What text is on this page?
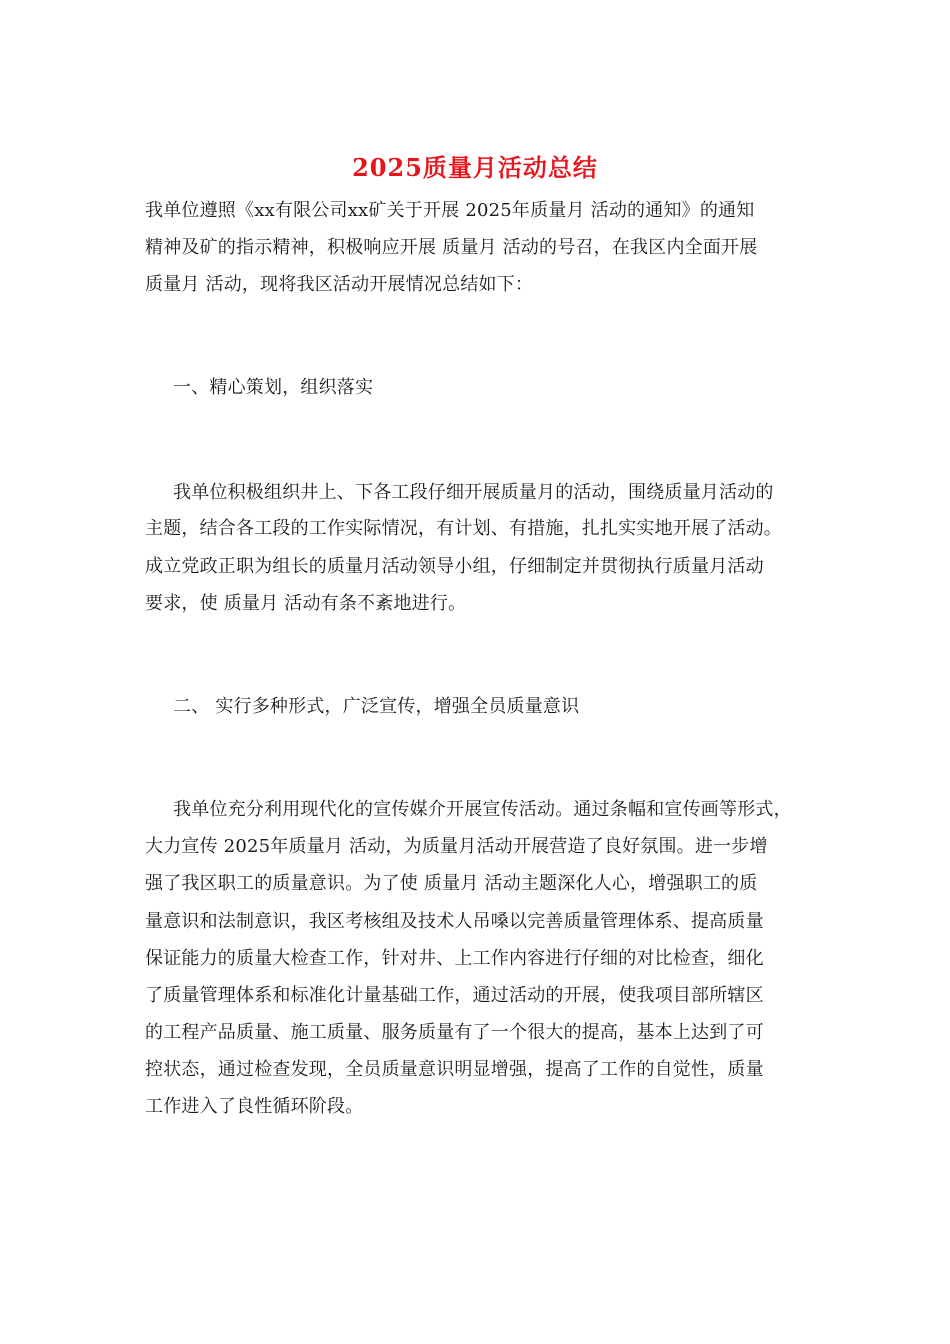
2025质量月活动总结
我单位遵照《xx有限公司xx矿关于开展 2025年质量月 活动的通知》的通知
精神及矿的指示精神，积极响应开展 质量月 活动的号召，在我区内全面开展
质量月 活动，现将我区活动开展情况总结如下：
一、精心策划，组织落实
我单位积极组织井上、下各工段仔细开展质量月的活动，围绕质量月活动的
主题，结合各工段的工作实际情况，有计划、有措施，扎扎实实地开展了活动。
成立党政正职为组长的质量月活动领导小组，仔细制定并贯彻执行质量月活动
要求，使 质量月 活动有条不紊地进行。
二、 实行多种形式，广泛宣传，增强全员质量意识
我单位充分利用现代化的宣传媒介开展宣传活动。通过条幅和宣传画等形式，
大力宣传 2025年质量月 活动，为质量月活动开展营造了良好氛围。进一步增
强了我区职工的质量意识。为了使 质量月 活动主题深化人心，增强职工的质
量意识和法制意识，我区考核组及技术人吊嗓以完善质量管理体系、提高质量
保证能力的质量大检查工作，针对井、上工作内容进行仔细的对比检查，细化
了质量管理体系和标准化计量基础工作，通过活动的开展，使我项目部所辖区
的工程产品质量、施工质量、服务质量有了一个很大的提高，基本上达到了可
控状态，通过检查发现，全员质量意识明显增强，提高了工作的自觉性，质量
工作进入了良性循环阶段。
